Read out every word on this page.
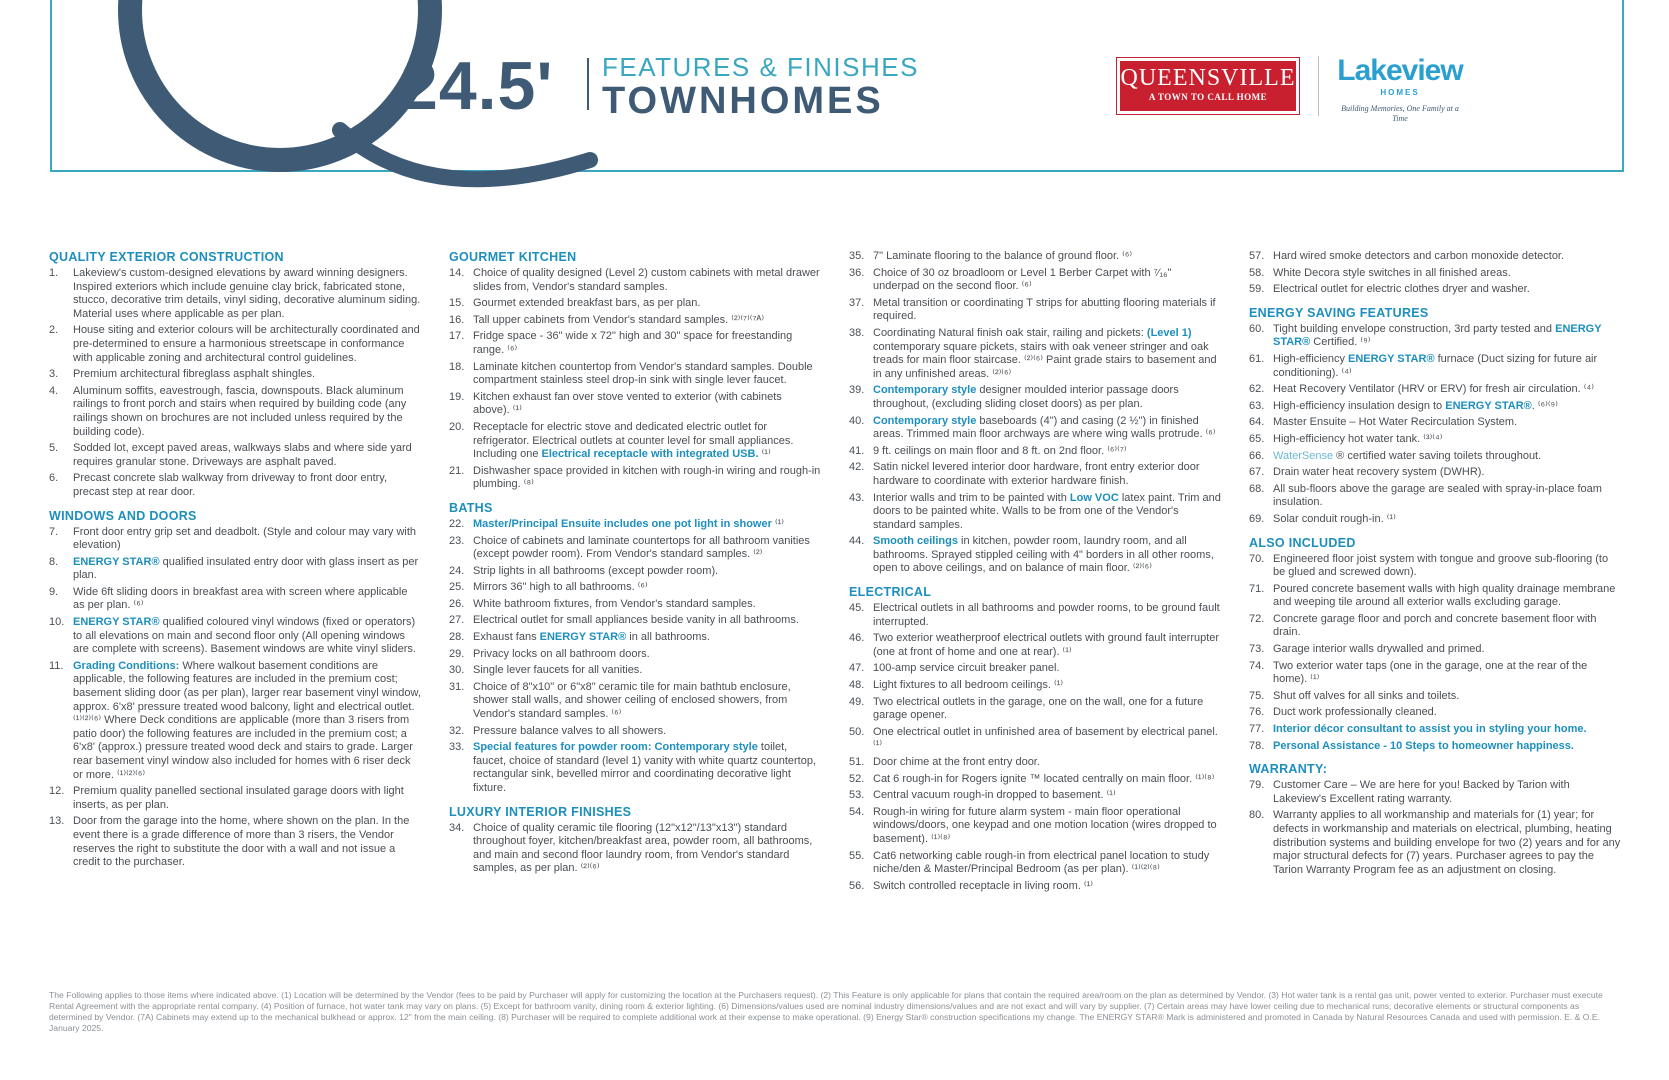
24.5' FEATURES & FINISHES
TOWNHOMES
QUEENSVILLE
A TOWN TO CALL HOME
Lakeview
HOMES
Building Memories, One Family at a Time
QUALITY EXTERIOR CONSTRUCTION
1.	Lakeview's custom-designed elevations by award winning designers. Inspired exteriors which include genuine clay brick, fabricated stone, stucco, decorative trim details, vinyl siding, decorative aluminum siding. Material uses where applicable as per plan.
2.	House siting and exterior colours will be architecturally coordinated and pre-determined to ensure a harmonious streetscape in conformance with applicable zoning and architectural control guidelines.
3.	Premium architectural fibreglass asphalt shingles.
4.	Aluminum soffits, eavestrough, fascia, downspouts. Black aluminum railings to front porch and stairs when required by building code (any railings shown on brochures are not included unless required by the building code).
5.	Sodded lot, except paved areas, walkways slabs and where side yard requires granular stone. Driveways are asphalt paved.
6.	Precast concrete slab walkway from driveway to front door entry, precast step at rear door.
WINDOWS AND DOORS
7.	Front door entry grip set and deadbolt. (Style and colour may vary with elevation)
8.	ENERGY STAR® qualified insulated entry door with glass insert as per plan.
9.	Wide 6ft sliding doors in breakfast area with screen where applicable as per plan. ⁽⁶⁾
10. ENERGY STAR® qualified coloured vinyl windows (fixed or operators) to all elevations on main and second floor only (All opening windows are complete with screens). Basement windows are white vinyl sliders.
11. Grading Conditions: Where walkout basement conditions are applicable, the following features are included in the premium cost; basement sliding door (as per plan), larger rear basement vinyl window, approx. 6'x8' pressure treated wood balcony, light and electrical outlet. ⁽¹⁾⁽²⁾⁽⁶⁾ Where Deck conditions are applicable (more than 3 risers from patio door) the following features are included in the premium cost; a 6'x8' (approx.) pressure treated wood deck and stairs to grade. Larger rear basement vinyl window also included for homes with 6 riser deck or more. ⁽¹⁾⁽²⁾⁽⁶⁾
12. Premium quality panelled sectional insulated garage doors with light inserts, as per plan.
13. Door from the garage into the home, where shown on the plan. In the event there is a grade difference of more than 3 risers, the Vendor reserves the right to substitute the door with a wall and not issue a credit to the purchaser.
GOURMET KITCHEN
14. Choice of quality designed (Level 2) custom cabinets with metal drawer slides from, Vendor's standard samples.
15. Gourmet extended breakfast bars, as per plan.
16. Tall upper cabinets from Vendor's standard samples. ⁽²⁾⁽⁷⁾⁽⁷ᴬ⁾
17. Fridge space - 36" wide x 72" high and 30" space for freestanding range. ⁽⁶⁾
18. Laminate kitchen countertop from Vendor's standard samples. Double compartment stainless steel drop-in sink with single lever faucet.
19. Kitchen exhaust fan over stove vented to exterior (with cabinets above). ⁽¹⁾
20. Receptacle for electric stove and dedicated electric outlet for refrigerator. Electrical outlets at counter level for small appliances. Including one Electrical receptacle with integrated USB. ⁽¹⁾
21. Dishwasher space provided in kitchen with rough-in wiring and rough-in plumbing. ⁽⁸⁾
BATHS
22. Master/Principal Ensuite includes one pot light in shower ⁽¹⁾
23. Choice of cabinets and laminate countertops for all bathroom vanities (except powder room). From Vendor's standard samples. ⁽²⁾
24. Strip lights in all bathrooms (except powder room).
25. Mirrors 36" high to all bathrooms. ⁽⁶⁾
26. White bathroom fixtures, from Vendor's standard samples.
27. Electrical outlet for small appliances beside vanity in all bathrooms.
28. Exhaust fans ENERGY STAR® in all bathrooms.
29. Privacy locks on all bathroom doors.
30. Single lever faucets for all vanities.
31. Choice of 8"x10" or 6"x8" ceramic tile for main bathtub enclosure, shower stall walls, and shower ceiling of enclosed showers, from Vendor's standard samples. ⁽⁶⁾
32. Pressure balance valves to all showers.
33. Special features for powder room: Contemporary style toilet, faucet, choice of standard (level 1) vanity with white quartz countertop, rectangular sink, bevelled mirror and coordinating decorative light fixture.
LUXURY INTERIOR FINISHES
34. Choice of quality ceramic tile flooring (12"x12"/13"x13") standard throughout foyer, kitchen/breakfast area, powder room, all bathrooms, and main and second floor laundry room, from Vendor's standard samples, as per plan. ⁽²⁾⁽⁶⁾
35. 7" Laminate flooring to the balance of ground floor. ⁽⁶⁾
36. Choice of 30 oz broadloom or Level 1 Berber Carpet with ⁷⁄₁₆" underpad on the second floor. ⁽⁶⁾
37. Metal transition or coordinating T strips for abutting flooring materials if required.
38. Coordinating Natural finish oak stair, railing and pickets: (Level 1) contemporary square pickets, stairs with oak veneer stringer and oak treads for main floor staircase. ⁽²⁾⁽⁶⁾ Paint grade stairs to basement and in any unfinished areas. ⁽²⁾⁽⁶⁾
39. Contemporary style designer moulded interior passage doors throughout, (excluding sliding closet doors) as per plan.
40. Contemporary style baseboards (4") and casing (2 ½") in finished areas. Trimmed main floor archways are where wing walls protrude. ⁽⁶⁾
41. 9 ft. ceilings on main floor and 8 ft. on 2nd floor. ⁽⁶⁾⁽⁷⁾
42. Satin nickel levered interior door hardware, front entry exterior door hardware to coordinate with exterior hardware finish.
43. Interior walls and trim to be painted with Low VOC latex paint. Trim and doors to be painted white. Walls to be from one of the Vendor's standard samples.
44. Smooth ceilings in kitchen, powder room, laundry room, and all bathrooms. Sprayed stippled ceiling with 4" borders in all other rooms, open to above ceilings, and on balance of main floor. ⁽²⁾⁽⁶⁾
ELECTRICAL
45. Electrical outlets in all bathrooms and powder rooms, to be ground fault interrupted.
46. Two exterior weatherproof electrical outlets with ground fault interrupter (one at front of home and one at rear). ⁽¹⁾
47. 100-amp service circuit breaker panel.
48. Light fixtures to all bedroom ceilings. ⁽¹⁾
49. Two electrical outlets in the garage, one on the wall, one for a future garage opener.
50. One electrical outlet in unfinished area of basement by electrical panel. ⁽¹⁾
51. Door chime at the front entry door.
52. Cat 6 rough-in for Rogers ignite ™ located centrally on main floor. ⁽¹⁾⁽⁸⁾
53. Central vacuum rough-in dropped to basement. ⁽¹⁾
54. Rough-in wiring for future alarm system - main floor operational windows/doors, one keypad and one motion location (wires dropped to basement). ⁽¹⁾⁽⁸⁾
55. Cat6 networking cable rough-in from electrical panel location to study niche/den & Master/Principal Bedroom (as per plan). ⁽¹⁾⁽²⁾⁽⁸⁾
56. Switch controlled receptacle in living room. ⁽¹⁾
57. Hard wired smoke detectors and carbon monoxide detector.
58. White Decora style switches in all finished areas.
59. Electrical outlet for electric clothes dryer and washer.
ENERGY SAVING FEATURES
60. Tight building envelope construction, 3rd party tested and ENERGY STAR® Certified. ⁽⁹⁾
61. High-efficiency ENERGY STAR® furnace (Duct sizing for future air conditioning). ⁽⁴⁾
62. Heat Recovery Ventilator (HRV or ERV) for fresh air circulation. ⁽⁴⁾
63. High-efficiency insulation design to ENERGY STAR®. ⁽⁶⁾⁽⁹⁾
64. Master Ensuite – Hot Water Recirculation System.
65. High-efficiency hot water tank. ⁽³⁾⁽⁴⁾
66. WaterSense ® certified water saving toilets throughout.
67. Drain water heat recovery system (DWHR).
68. All sub-floors above the garage are sealed with spray-in-place foam insulation.
69. Solar conduit rough-in. ⁽¹⁾
ALSO INCLUDED
70. Engineered floor joist system with tongue and groove sub-flooring (to be glued and screwed down).
71. Poured concrete basement walls with high quality drainage membrane and weeping tile around all exterior walls excluding garage.
72. Concrete garage floor and porch and concrete basement floor with drain.
73. Garage interior walls drywalled and primed.
74. Two exterior water taps (one in the garage, one at the rear of the home). ⁽¹⁾
75. Shut off valves for all sinks and toilets.
76. Duct work professionally cleaned.
77. Interior décor consultant to assist you in styling your home.
78. Personal Assistance - 10 Steps to homeowner happiness.
WARRANTY:
79. Customer Care – We are here for you! Backed by Tarion with Lakeview's Excellent rating warranty.
80. Warranty applies to all workmanship and materials for (1) year; for defects in workmanship and materials on electrical, plumbing, heating distribution systems and building envelope for two (2) years and for any major structural defects for (7) years. Purchaser agrees to pay the Tarion Warranty Program fee as an adjustment on closing.
The Following applies to those items where indicated above. (1) Location will be determined by the Vendor (fees to be paid by Purchaser will apply for customizing the location at the Purchasers request). (2) This Feature is only applicable for plans that contain the required area/room on the plan as determined by Vendor. (3) Hot water tank is a rental gas unit, power vented to exterior. Purchaser must execute Rental Agreement with the appropriate rental company. (4) Position of furnace, hot water tank may vary on plans. (5) Except for bathroom vanity, dining room & exterior lighting. (6) Dimensions/values used are nominal industry dimensions/values and are not exact and will vary by supplier. (7) Certain areas may have lower ceiling due to mechanical runs, decorative elements or structural components as determined by Vendor. (7A) Cabinets may extend up to the mechanical bulkhead or approx. 12" from the main ceiling. (8) Purchaser will be required to complete additional work at their expense to make operational. (9) Energy Star® construction specifications my change. The ENERGY STAR® Mark is administered and promoted in Canada by Natural Resources Canada and used with permission. E. & O.E. January 2025.
